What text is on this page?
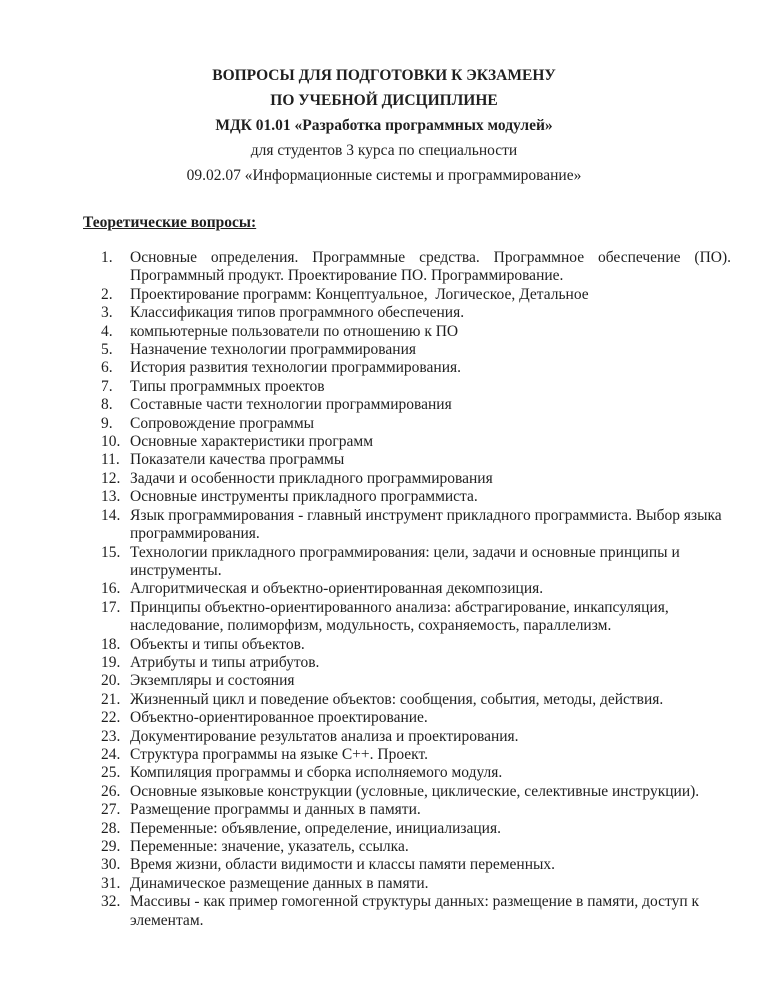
ВОПРОСЫ ДЛЯ ПОДГОТОВКИ К ЭКЗАМЕНУ
ПО УЧЕБНОЙ ДИСЦИПЛИНЕ
МДК 01.01 «Разработка программных модулей»
для студентов 3 курса по специальности
09.02.07 «Информационные системы и программирование»
Теоретические вопросы:
1. Основные определения. Программные средства. Программное обеспечение (ПО). Программный продукт. Проектирование ПО. Программирование.
2. Проектирование программ: Концептуальное,  Логическое, Детальное
3. Классификация типов программного обеспечения.
4. компьютерные пользователи по отношению к ПО
5. Назначение технологии программирования
6. История развития технологии программирования.
7. Типы программных проектов
8. Составные части технологии программирования
9. Сопровождение программы
10. Основные характеристики программ
11. Показатели качества программы
12. Задачи и особенности прикладного программирования
13. Основные инструменты прикладного программиста.
14. Язык программирования - главный инструмент прикладного программиста. Выбор языка программирования.
15. Технологии прикладного программирования: цели, задачи и основные принципы и инструменты.
16. Алгоритмическая и объектно-ориентированная декомпозиция.
17. Принципы объектно-ориентированного анализа: абстрагирование, инкапсуляция, наследование, полиморфизм, модульность, сохраняемость, параллелизм.
18. Объекты и типы объектов.
19. Атрибуты и типы атрибутов.
20. Экземпляры и состояния
21. Жизненный цикл и поведение объектов: сообщения, события, методы, действия.
22. Объектно-ориентированное проектирование.
23. Документирование результатов анализа и проектирования.
24. Структура программы на языке С++. Проект.
25. Компиляция программы и сборка исполняемого модуля.
26. Основные языковые конструкции (условные, циклические, селективные инструкции).
27. Размещение программы и данных в памяти.
28. Переменные: объявление, определение, инициализация.
29. Переменные: значение, указатель, ссылка.
30. Время жизни, области видимости и классы памяти переменных.
31. Динамическое размещение данных в памяти.
32. Массивы - как пример гомогенной структуры данных: размещение в памяти, доступ к элементам.
